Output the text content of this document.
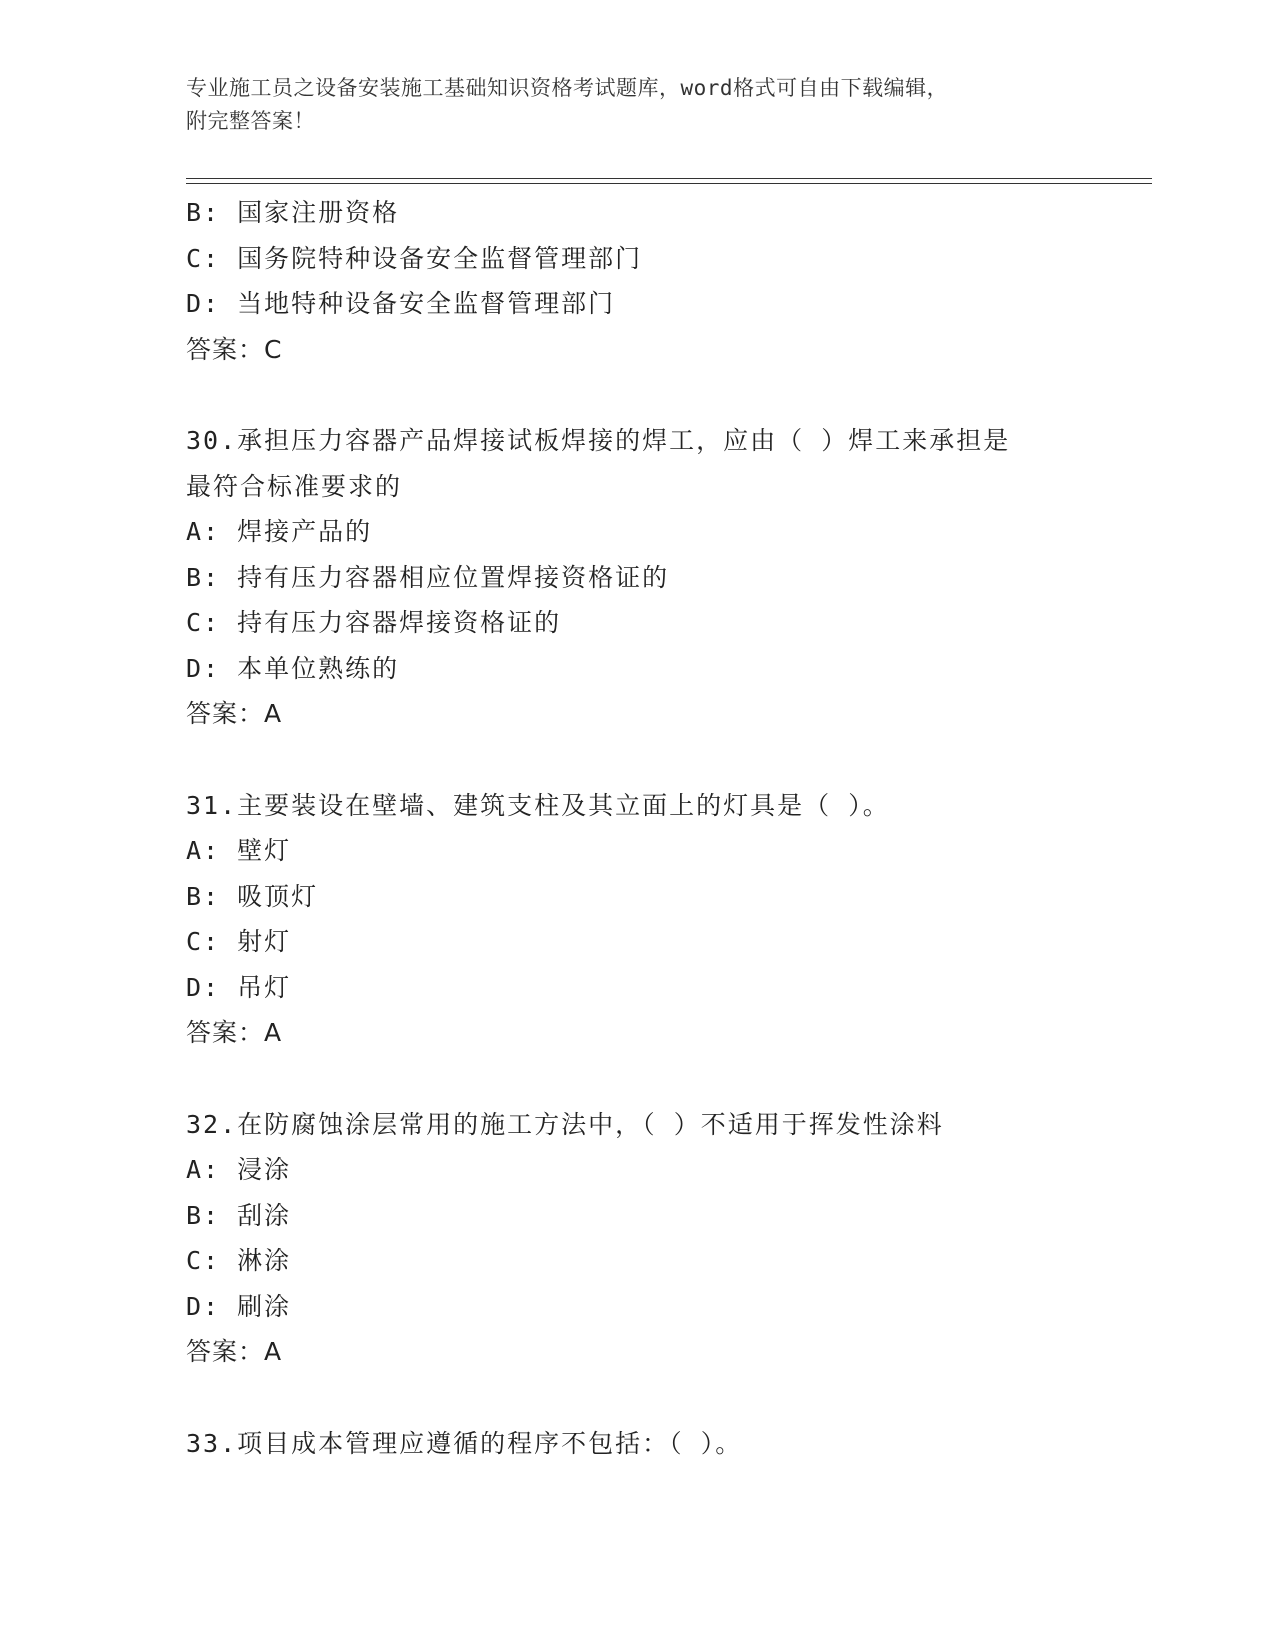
专业施工员之设备安装施工基础知识资格考试题库，word格式可自由下载编辑，
附完整答案！
B: 国家注册资格
C: 国务院特种设备安全监督管理部门
D: 当地特种设备安全监督管理部门
答案：C
30.承担压力容器产品焊接试板焊接的焊工，应由（ ）焊工来承担是
最符合标准要求的
A: 焊接产品的
B: 持有压力容器相应位置焊接资格证的
C: 持有压力容器焊接资格证的
D: 本单位熟练的
答案：A
31.主要装设在壁墙、建筑支柱及其立面上的灯具是（ ）。
A: 壁灯
B: 吸顶灯
C: 射灯
D: 吊灯
答案：A
32.在防腐蚀涂层常用的施工方法中，（ ）不适用于挥发性涂料
A: 浸涂
B: 刮涂
C: 淋涂
D: 刷涂
答案：A
33.项目成本管理应遵循的程序不包括：（ ）。
